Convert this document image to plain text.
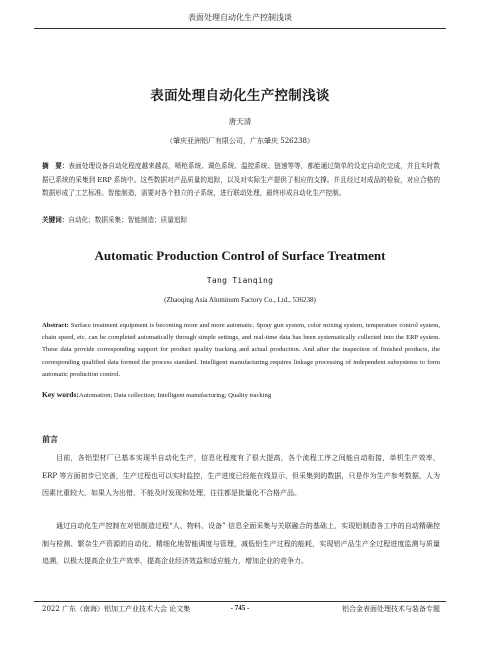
表面处理自动化生产控制浅谈
表面处理自动化生产控制浅谈
唐天清
（肇庆亚洲铝厂有限公司，广东肇庆 526238）
摘　要：表面处理设备自动化程度越来越高，喷枪系统、调色系统、温控系统、链速等等，都能通过简单的设定自动化完成，并且实时数据已系统的采集到 ERP 系统中。这些数据对产品质量的追踪，以及对实际生产提供了相应的支撑。并且经过对成品的检验，对应合格的数据形成了工艺标准。智能制造，需要对各个独立的子系统，进行联动处理，最终形成自动化生产控制。
关键词：自动化；数据采集；智能制造；质量追踪
Automatic Production Control of Surface Treatment
Tang Tianqing
(Zhaoqing Asia Aluminum Factory Co., Ltd., 536238)
Abstract: Surface treatment equipment is becoming more and more automatic. Spray gun system, color mixing system, temperature control system, chain speed, etc. can be completed automatically through simple settings, and real-time data has been systematically collected into the ERP system. These data provide corresponding support for product quality tracking and actual production. And after the inspection of finished products, the corresponding qualified data formed the process standard. Intelligent manufacturing requires linkage processing of independent subsystems to form automatic production control.
Key words:Automation; Data collection; Intelligent manufacturing; Quality tracking
前言
目前，各铝型材厂已基本实现半自动化生产，信息化程度有了很大提高，各个流程工序之间能自动衔接，单机生产效率， ERP 等方面初步已完善，生产过程也可以实时监控，生产进度已经能在线显示，但采集到的数据，只是作为生产参考数据，人为因素比重较大，如果人为出错，不能及时发现和处理，往往都是批量化不合格产品。
通过自动化生产控制在对铝制造过程“人、物料、设备” 信息全面采集与关联融合的基础上，实现铝制造各工序的自动精确控制与检测、繁杂生产资源的自动化、精细化地智能调度与管理，减低铝生产过程的能耗，实现铝产品生产全过程进度监测与质量追溯，以极大提高企业生产效率，提高企业经济效益和适应能力，增加企业的竞争力。
2022 广东（南海）铝加工产业技术大会 论文集	- 745 -	铝合金表面处理技术与装备专题
